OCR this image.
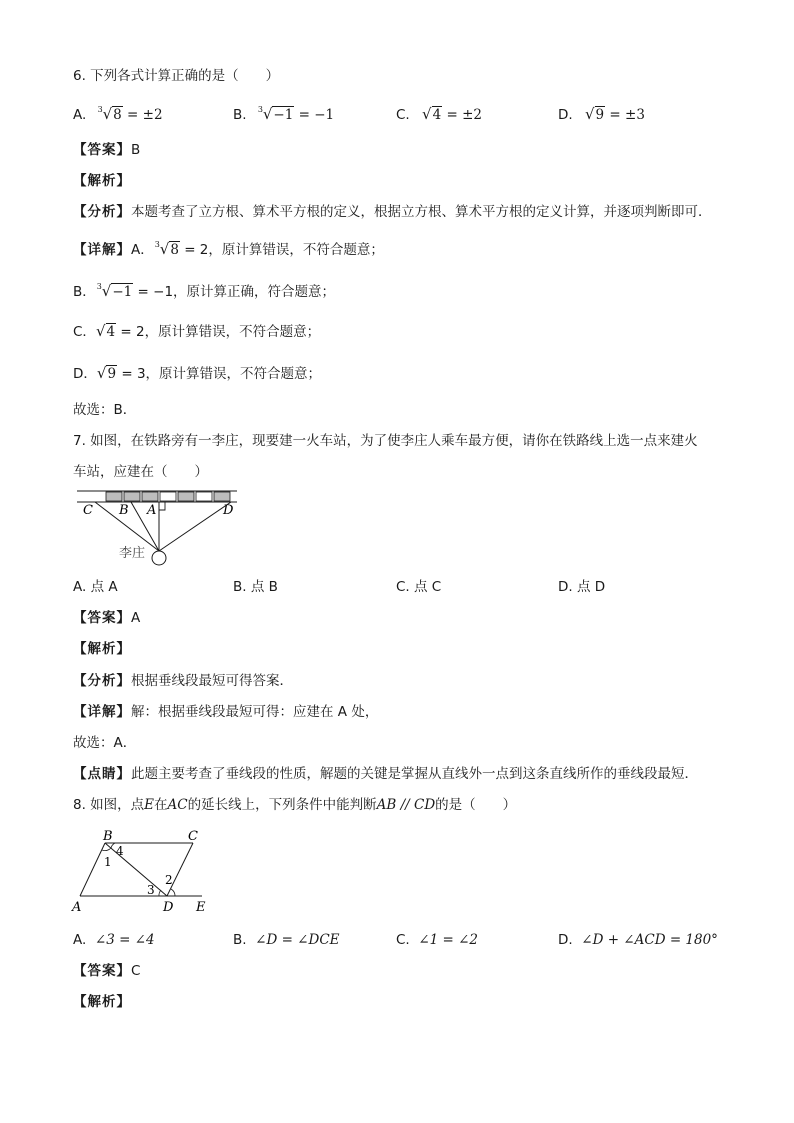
6. 下列各式计算正确的是（　　）
A. 3 √8 = ±2	B. 3 √−1 = −1	C. √4 = ±2	D. √9 = ±3
【答案】B
【解析】
【分析】本题考查了立方根、算术平方根的定义，根据立方根、算术平方根的定义计算，并逐项判断即可．
【详解】A． 3 √8 = 2，原计算错误，不符合题意；
B． 3 √−1 = −1，原计算正确，符合题意；
C．√4 = 2，原计算错误，不符合题意；
D．√9 = 3，原计算错误，不符合题意；
故选：B．
7. 如图，在铁路旁有一李庄，现要建一火车站，为了使李庄人乘车最方便，请你在铁路线上选一点来建火
车站，应建在（　　）
C B A	D
李庄
A. 点 A	B. 点 B	C. 点 C	D. 点 D
【答案】A
【解析】
【分析】根据垂线段最短可得答案．
【详解】解：根据垂线段最短可得：应建在 A 处，
故选：A．
【点睛】此题主要考查了垂线段的性质，解题的关键是掌握从直线外一点到这条直线所作的垂线段最短．
8. 如图，点E在AC的延长线上，下列条件中能判断AB // CD的是（　　）
B	C
A	D E
1
4
3
2
A. ∠3 = ∠4	B. ∠D = ∠DCE	C. ∠1 = ∠2	D. ∠D + ∠ACD = 180°
【答案】C
【解析】
